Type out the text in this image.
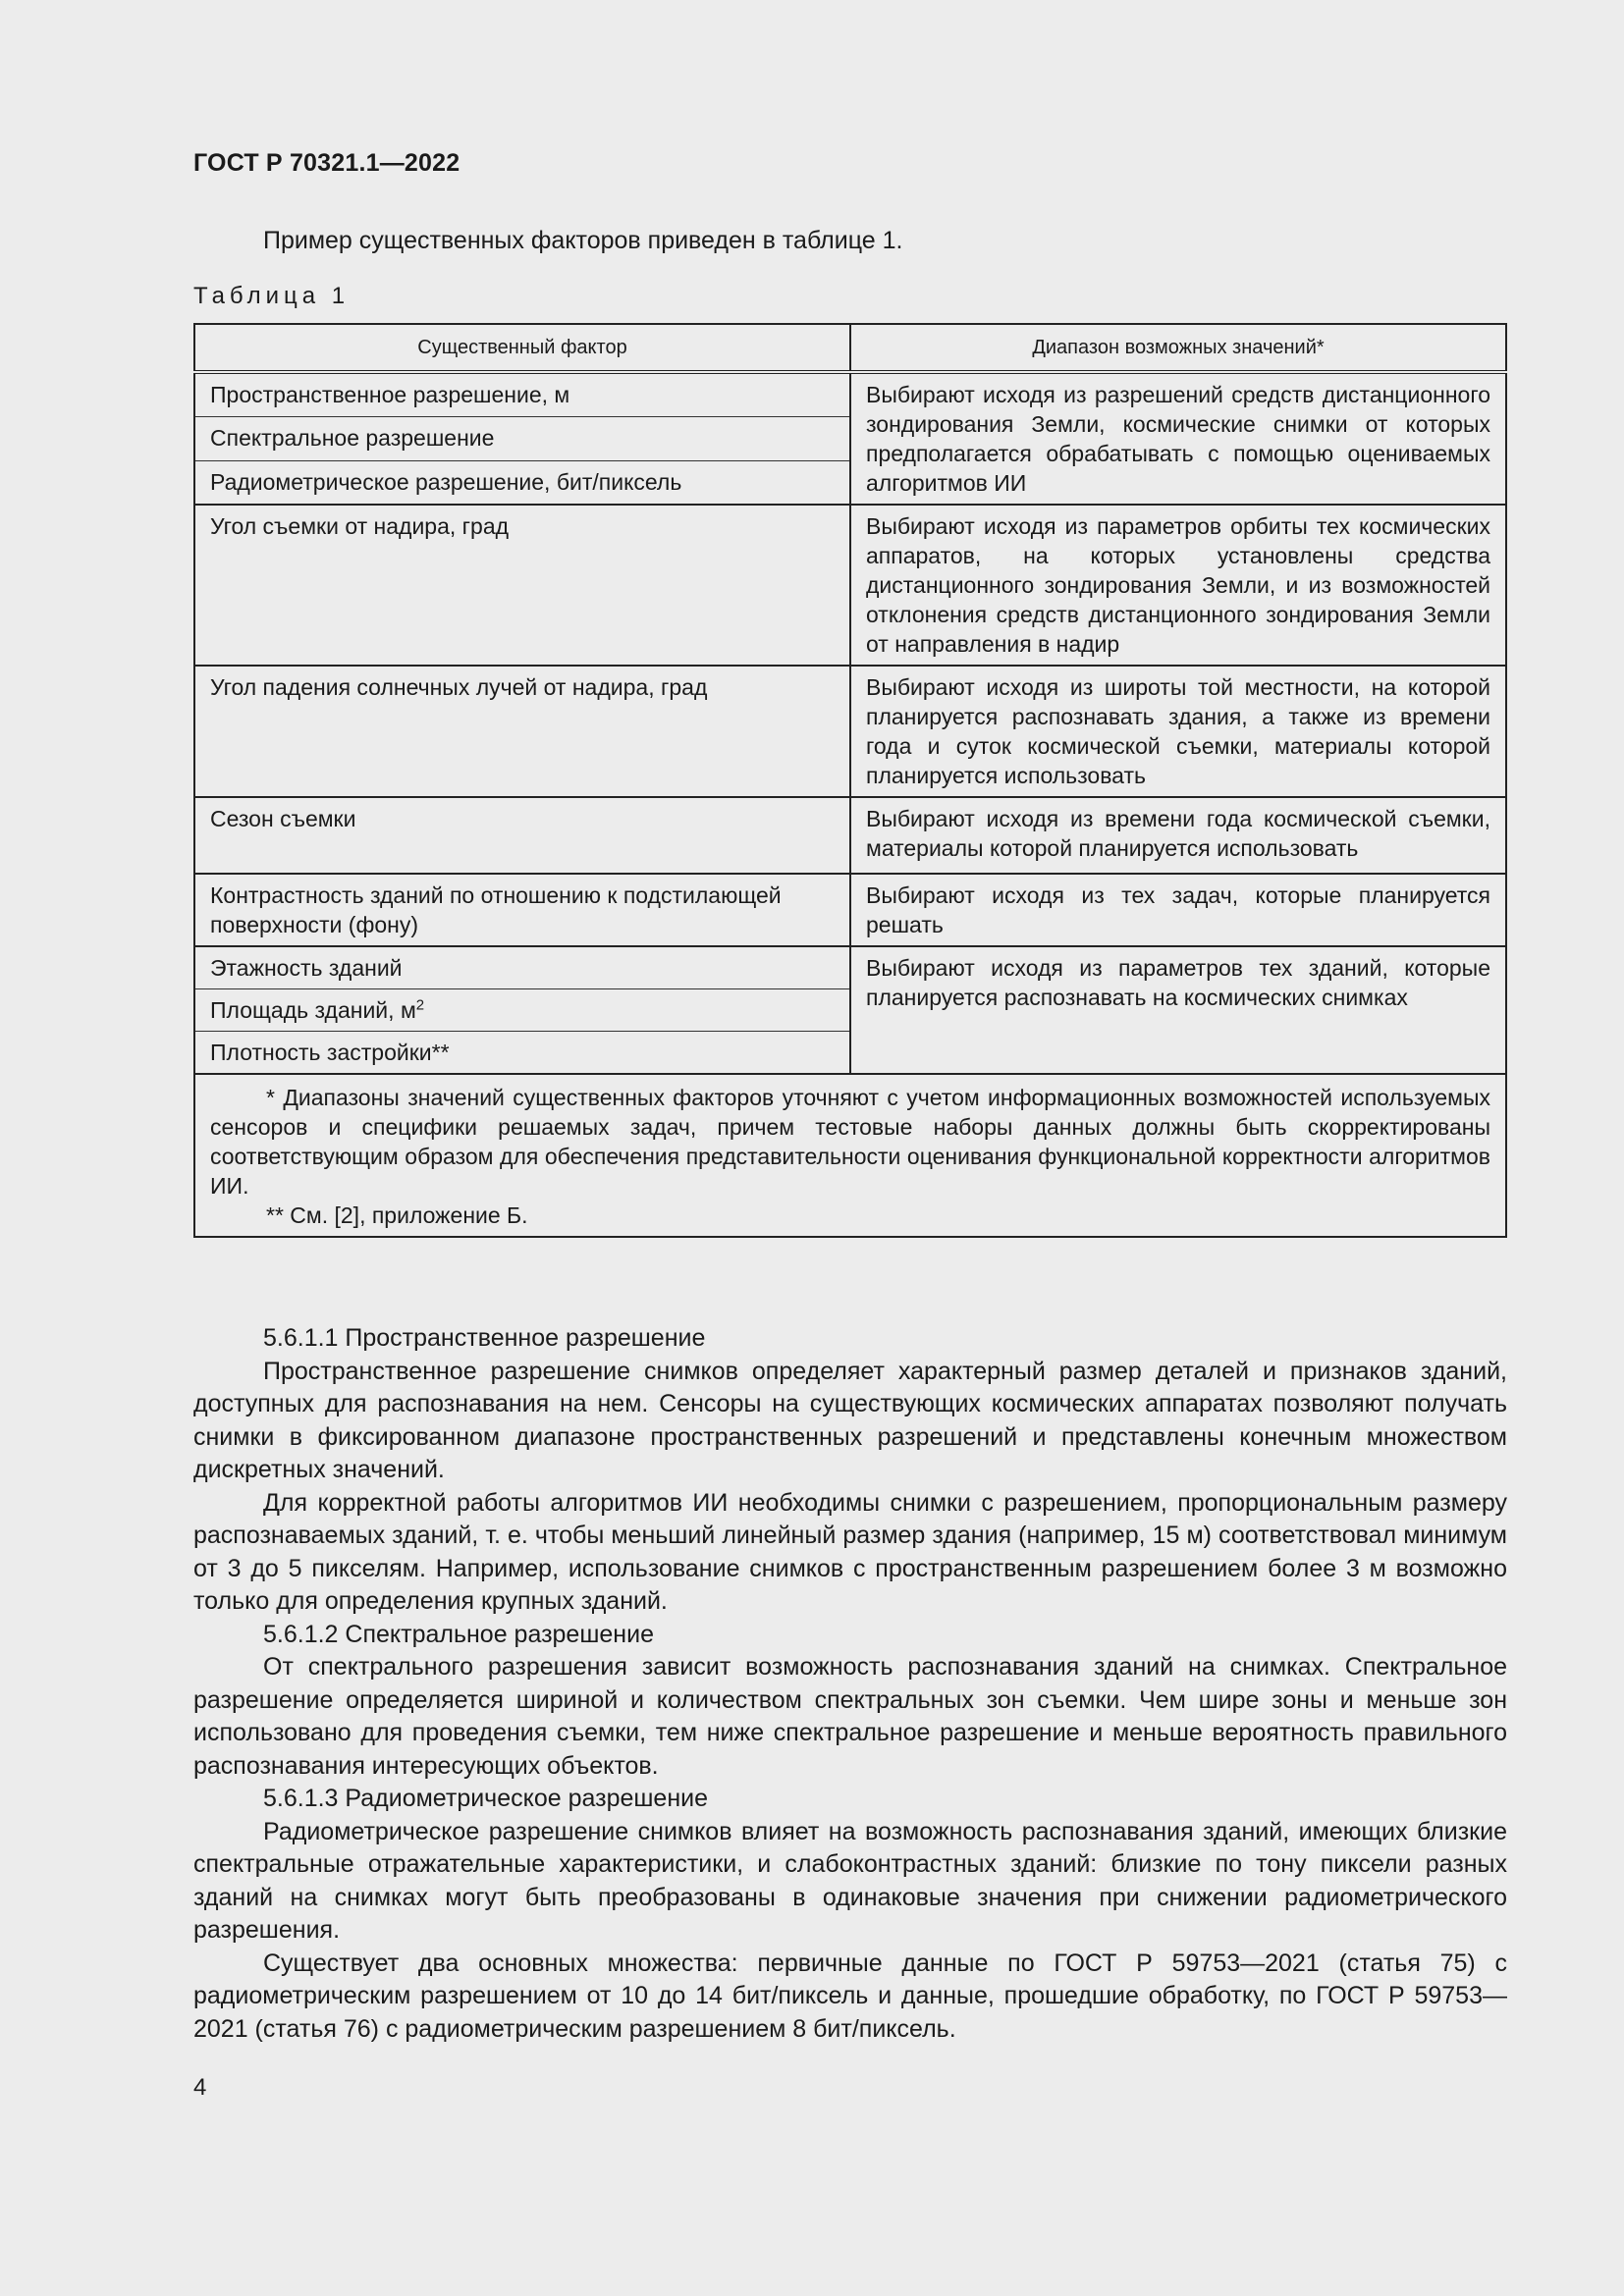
ГОСТ Р 70321.1—2022
Пример существенных факторов приведен в таблице 1.
Таблица 1
Существенный фактор	Диапазон возможных значений*
Пространственное разрешение, м	Выбирают исходя из разрешений средств дистанционного зондирования Земли, космические снимки от которых предполагается обрабатывать с помощью оцениваемых алгоритмов ИИ
Спектральное разрешение	
Радиометрическое разрешение, бит/пиксель	
Угол съемки от надира, град	Выбирают исходя из параметров орбиты тех космических аппаратов, на которых установлены средства дистанционного зондирования Земли, и из возможностей отклонения средств дистанционного зондирования Земли от направления в надир
Угол падения солнечных лучей от надира, град	Выбирают исходя из широты той местности, на которой планируется распознавать здания, а также из времени года и суток космической съемки, материалы которой планируется использовать
Сезон съемки	Выбирают исходя из времени года космической съемки, материалы которой планируется использовать
Контрастность зданий по отношению к подстилающей поверхности (фону)	Выбирают исходя из тех задач, которые планируется решать
Этажность зданий	Выбирают исходя из параметров тех зданий, которые планируется распознавать на космических снимках
Площадь зданий, $м^2$
Плотность застройки**	

* Диапазоны значений существенных факторов уточняют с учетом информационных возможностей используемых сенсоров и специфики решаемых задач, причем тестовые наборы данных должны быть скорректированы соответствующим образом для обеспечения представительности оценивания функциональной корректности алгоритмов ИИ.

** См. [2], приложение Б.	

5.6.1.1 Пространственное разрешение

Пространственное разрешение снимков определяет характерный размер деталей и признаков зданий, доступных для распознавания на нем. Сенсоры на существующих космических аппаратах позволяют получать снимки в фиксированном диапазоне пространственных разрешений и представлены конечным множеством дискретных значений.

Для корректной работы алгоритмов ИИ необходимы снимки с разрешением, пропорциональным размеру распознаваемых зданий, т. е. чтобы меньший линейный размер здания (например, 15 м) соответствовал минимум от 3 до 5 пикселям. Например, использование снимков с пространственным разрешением более 3 м возможно только для определения крупных зданий.

5.6.1.2 Спектральное разрешение

От спектрального разрешения зависит возможность распознавания зданий на снимках. Спектральное разрешение определяется шириной и количеством спектральных зон съемки. Чем шире зоны и меньше зон использовано для проведения съемки, тем ниже спектральное разрешение и меньше вероятность правильного распознавания интересующих объектов.

5.6.1.3 Радиометрическое разрешение

Радиометрическое разрешение снимков влияет на возможность распознавания зданий, имеющих близкие спектральные отражательные характеристики, и слабоконтрастных зданий: близкие по тону пиксели разных зданий на снимках могут быть преобразованы в одинаковые значения при снижении радиометрического разрешения.

Существует два основных множества: первичные данные по ГОСТ Р 59753—2021 (статья 75) с радиометрическим разрешением от 10 до 14 бит/пиксель и данные, прошедшие обработку, по ГОСТ Р 59753—2021 (статья 76) с радиометрическим разрешением 8 бит/пиксель.

4
